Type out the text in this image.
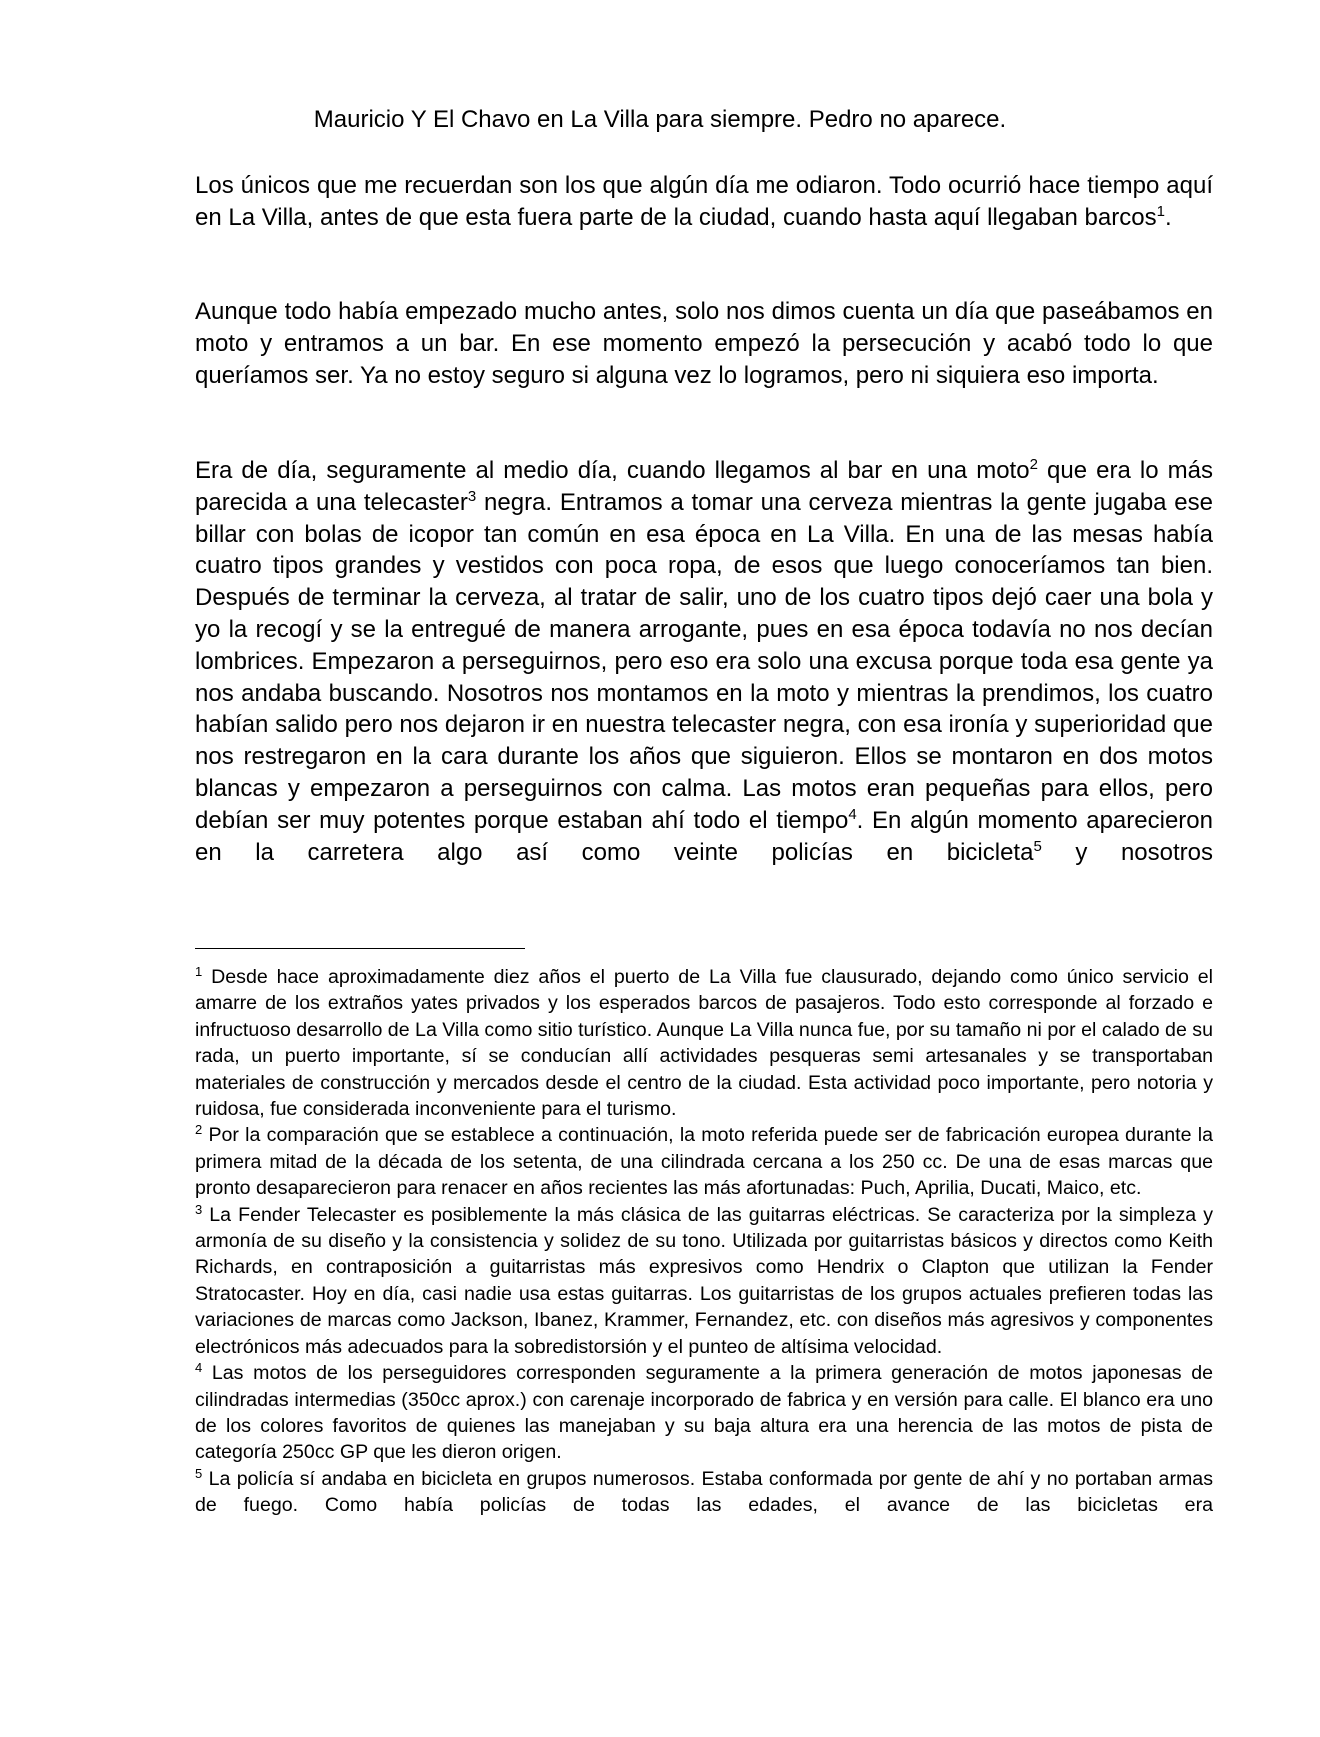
Mauricio Y El Chavo en La Villa para siempre. Pedro no aparece.

Los únicos que me recuerdan son los que algún día me odiaron. Todo ocurrió hace tiempo aquí en La Villa, antes de que esta fuera parte de la ciudad, cuando hasta aquí llegaban barcos$^1$.

Aunque todo había empezado mucho antes, solo nos dimos cuenta un día que paseábamos en moto y entramos a un bar. En ese momento empezó la persecución y acabó todo lo que queríamos ser. Ya no estoy seguro si alguna vez lo logramos, pero ni siquiera eso importa.

Era de día, seguramente al medio día, cuando llegamos al bar en una moto$^2$ que era lo más parecida a una telecaster$^3$ negra. Entramos a tomar una cerveza mientras la gente jugaba ese billar con bolas de icopor tan común en esa época en La Villa. En una de las mesas había cuatro tipos grandes y vestidos con poca ropa, de esos que luego conoceríamos tan bien. Después de terminar la cerveza, al tratar de salir, uno de los cuatro tipos dejó caer una bola y yo la recogí y se la entregué de manera arrogante, pues en esa época todavía no nos decían lombrices. Empezaron a perseguirnos, pero eso era solo una excusa porque toda esa gente ya nos andaba buscando. Nosotros nos montamos en la moto y mientras la prendimos, los cuatro habían salido pero nos dejaron ir en nuestra telecaster negra, con esa ironía y superioridad que nos restregaron en la cara durante los años que siguieron. Ellos se montaron en dos motos blancas y empezaron a perseguirnos con calma. Las motos eran pequeñas para ellos, pero debían ser muy potentes porque estaban ahí todo el tiempo$^4$. En algún momento aparecieron en la carretera algo así como veinte policías en bicicleta$^5$ y nosotros

$^1$ Desde hace aproximadamente diez años el puerto de La Villa fue clausurado, dejando como único servicio el amarre de los extraños yates privados y los esperados barcos de pasajeros. Todo esto corresponde al forzado e infructuoso desarrollo de La Villa como sitio turístico. Aunque La Villa nunca fue, por su tamaño ni por el calado de su rada, un puerto importante, sí se conducían allí actividades pesqueras semi artesanales y se transportaban materiales de construcción y mercados desde el centro de la ciudad. Esta actividad poco importante, pero notoria y ruidosa, fue considerada inconveniente para el turismo.

$^2$ Por la comparación que se establece a continuación, la moto referida puede ser de fabricación europea durante la primera mitad de la década de los setenta, de una cilindrada cercana a los 250 cc. De una de esas marcas que pronto desaparecieron para renacer en años recientes las más afortunadas: Puch, Aprilia, Ducati, Maico, etc.

$^3$ La Fender Telecaster es posiblemente la más clásica de las guitarras eléctricas. Se caracteriza por la simpleza y armonía de su diseño y la consistencia y solidez de su tono. Utilizada por guitarristas básicos y directos como Keith Richards, en contraposición a guitarristas más expresivos como Hendrix o Clapton que utilizan la Fender Stratocaster. Hoy en día, casi nadie usa estas guitarras. Los guitarristas de los grupos actuales prefieren todas las variaciones de marcas como Jackson, Ibanez, Krammer, Fernandez, etc. con diseños más agresivos y componentes electrónicos más adecuados para la sobredistorsión y el punteo de altísima velocidad.

$^4$ Las motos de los perseguidores corresponden seguramente a la primera generación de motos japonesas de cilindradas intermedias (350cc aprox.) con carenaje incorporado de fabrica y en versión para calle. El blanco era uno de los colores favoritos de quienes las manejaban y su baja altura era una herencia de las motos de pista de categoría 250cc GP que les dieron origen.

$^5$ La policía sí andaba en bicicleta en grupos numerosos. Estaba conformada por gente de ahí y no portaban armas de fuego. Como había policías de todas las edades, el avance de las bicicletas era
